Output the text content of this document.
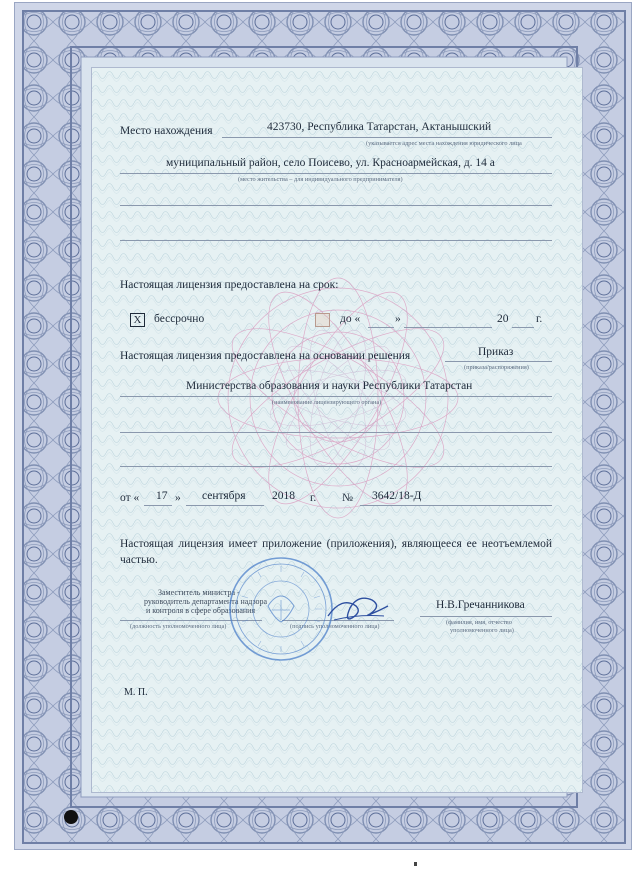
Место нахождения	423730, Республика Татарстан, Актанышский
(указывается адрес места нахождения юридического лица
муниципальный район, село Поисево, ул. Красноармейская, д. 14 а
(место жительства – для индивидуального предпринимателя)
Настоящая лицензия предоставлена на срок:
X	бессрочно	до «	»	20 г.
Настоящая лицензия предоставлена на основании решения	Приказ
(приказа/распоряжения)
Министерства образования и науки Республики Татарстан
(наименование лицензирующего органа)
от « 17 » сентября 2018 г. № 3642/18-Д
Настоящая лицензия имеет приложение (приложения), являющееся ее неотъемлемой частью.
Заместитель министра -
руководитель департамента надзора
и контроля в сфере образования
(должность уполномоченного лица)	(подпись уполномоченного лица)
Н.В.Гречанникова
(фамилия, имя, отчество
уполномоченного лица)
М. П.
